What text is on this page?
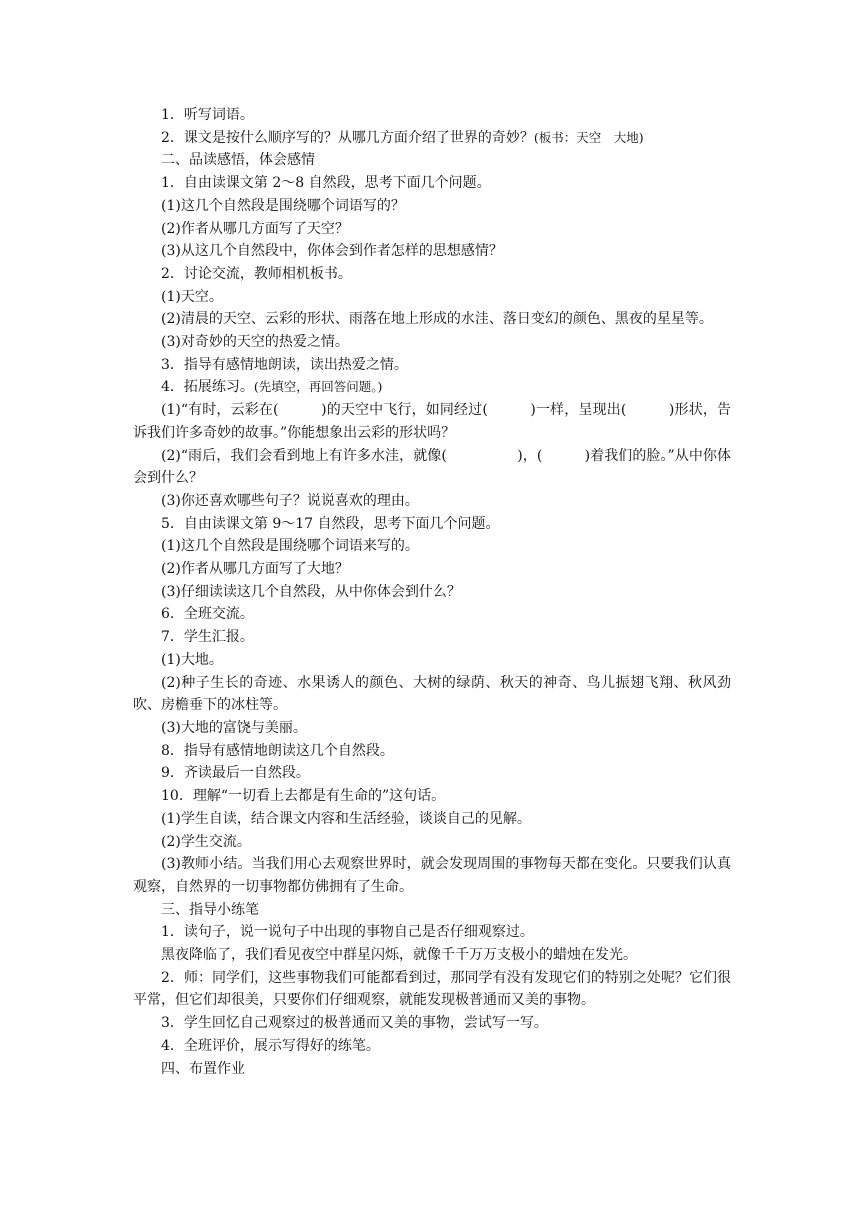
1．听写词语。

2．课文是按什么顺序写的？从哪几方面介绍了世界的奇妙？(板书：天空　大地)

二、品读感悟，体会感情

1．自由读课文第 2～8 自然段，思考下面几个问题。

(1)这几个自然段是围绕哪个词语写的？

(2)作者从哪几方面写了天空？

(3)从这几个自然段中，你体会到作者怎样的思想感情？

2．讨论交流，教师相机板书。

(1)天空。

(2)清晨的天空、云彩的形状、雨落在地上形成的水洼、落日变幻的颜色、黑夜的星星等。

(3)对奇妙的天空的热爱之情。

3．指导有感情地朗读，读出热爱之情。

4．拓展练习。(先填空，再回答问题。)

(1)“有时，云彩在(　　　)的天空中飞行，如同经过(　　　)一样，呈现出(　　　)形状，告诉我们许多奇妙的故事。”你能想象出云彩的形状吗？

(2)“雨后，我们会看到地上有许多水洼，就像(　　　　　)，(　　　)着我们的脸。”从中你体会到什么？

(3)你还喜欢哪些句子？说说喜欢的理由。

5．自由读课文第 9～17 自然段，思考下面几个问题。

(1)这几个自然段是围绕哪个词语来写的。

(2)作者从哪几方面写了大地？

(3)仔细读读这几个自然段，从中你体会到什么？

6．全班交流。

7．学生汇报。

(1)大地。

(2)种子生长的奇迹、水果诱人的颜色、大树的绿荫、秋天的神奇、鸟儿振翅飞翔、秋风劲吹、房檐垂下的冰柱等。

(3)大地的富饶与美丽。

8．指导有感情地朗读这几个自然段。

9．齐读最后一自然段。

10．理解“一切看上去都是有生命的”这句话。

(1)学生自读，结合课文内容和生活经验，谈谈自己的见解。

(2)学生交流。

(3)教师小结。当我们用心去观察世界时，就会发现周围的事物每天都在变化。只要我们认真观察，自然界的一切事物都仿佛拥有了生命。

三、指导小练笔

1．读句子，说一说句子中出现的事物自己是否仔细观察过。

黑夜降临了，我们看见夜空中群星闪烁，就像千千万万支极小的蜡烛在发光。

2．师：同学们，这些事物我们可能都看到过，那同学有没有发现它们的特别之处呢？它们很平常，但它们却很美，只要你们仔细观察，就能发现极普通而又美的事物。

3．学生回忆自己观察过的极普通而又美的事物，尝试写一写。

4．全班评价，展示写得好的练笔。

四、布置作业
